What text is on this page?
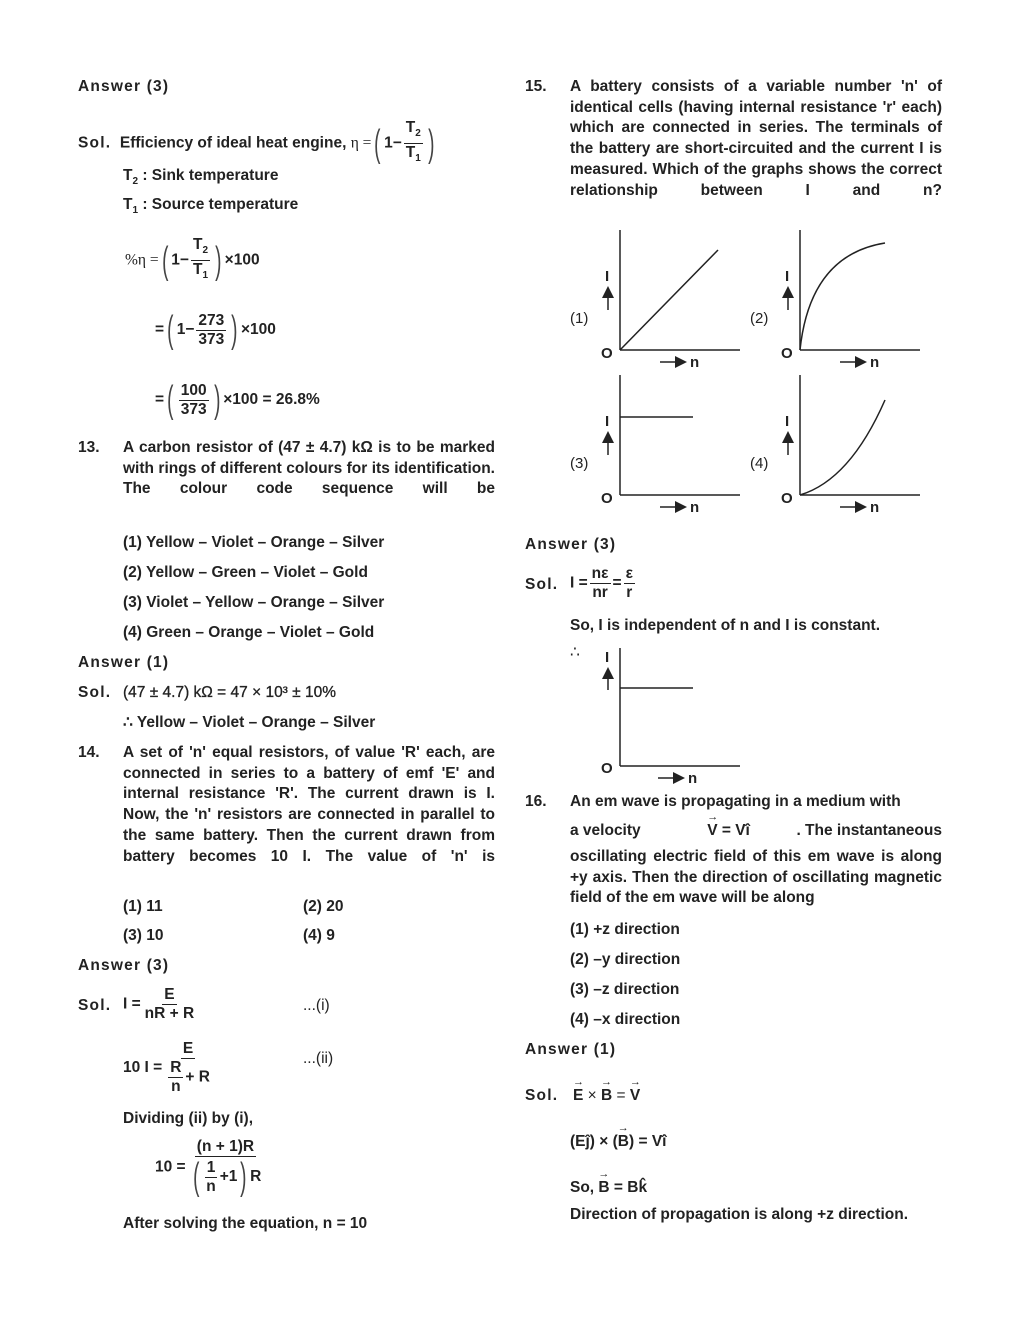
Answer (3)
Sol. Efficiency of ideal heat engine, η =( $1- \frac{T_2}{T_1}$ )
$T_2$ : Sink temperature
$T_1$ : Source temperature
%η =( $1- \frac{T_2}{T_1}$ ) ×100
=( $1- \frac{273}{373}$ ) ×100
=( $\frac{100}{373}$ ) ×100 = 26.8%
13. A carbon resistor of (47 ± 4.7) kΩ is to be marked with rings of different colours for its identification. The colour code sequence will be
(1) Yellow – Violet – Orange – Silver
(2) Yellow – Green – Violet – Gold
(3) Violet – Yellow – Orange – Silver
(4) Green – Orange – Violet – Gold
Answer (1)
Sol. (47 ± 4.7) kΩ = 47 × 10³ ± 10%
∴ Yellow – Violet – Orange – Silver
14. A set of 'n' equal resistors, of value 'R' each, are connected in series to a battery of emf 'E' and internal resistance 'R'. The current drawn is I. Now, the 'n' resistors are connected in parallel to the same battery. Then the current drawn from battery becomes 10 I. The value of 'n' is
(1) 11	(2) 20
(3) 10	(4) 9
Answer (3)
Sol. $I = \frac{E}{nR + R}$	...(i)
10 $I = \frac{E}{\frac{R}{n} + R}$	...(ii)
Dividing (ii) by (i),
$10 = \frac{(n + 1)R}{( \frac{1}{n} +1) R}$
After solving the equation, n = 10
15. A battery consists of a variable number 'n' of identical cells (having internal resistance 'r' each) which are connected in series. The terminals of the battery are short-circuited and the current I is measured. Which of the graphs shows the correct relationship between I and n?
I
O
n
(1)
I
O
n
(2)
I
O
n
(3)
I
O
n
(4)
Answer (3)
Sol. $I = \frac{n\varepsilon}{nr} = \frac{\varepsilon}{r}$
So, I is independent of n and I is constant.
∴ I
O
n
16. An em wave is propagating in a medium with
a velocity	→ V = Vî	. The instantaneous
oscillating electric field of this em wave is along +y axis. Then the direction of oscillating magnetic field of the em wave will be along
(1) +z direction
(2) –y direction
(3) –z direction
(4) –x direction
Answer (1)
Sol. → E × → B = → V
(Eĵ) × (→ B) = Vî
So, → B = Bk̂
Direction of propagation is along +z direction.
